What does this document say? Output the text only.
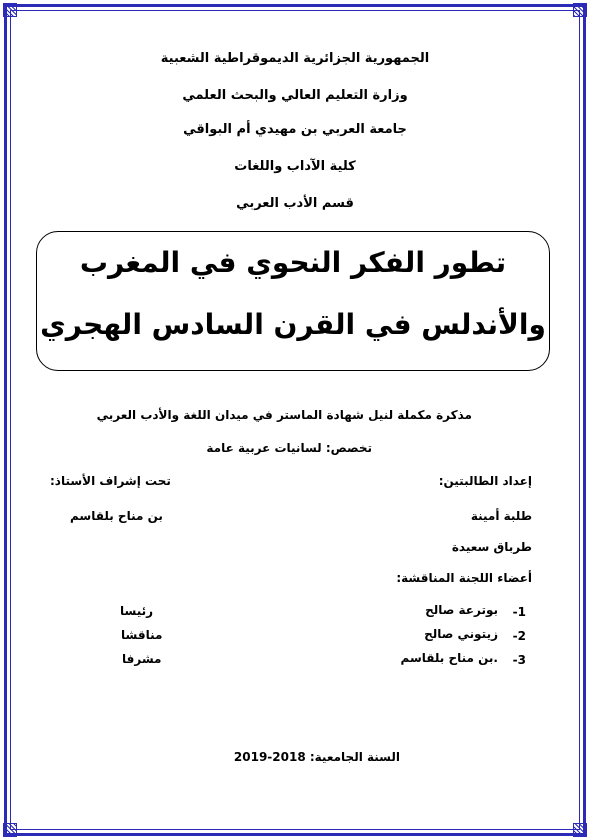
الجمهورية الجزائرية الديموقراطية الشعبية
وزارة التعليم العالي والبحث العلمي
جامعة العربي بن مهيدي أم البواقي
كلية الآداب واللغات
قسم الأدب العربي
تطور الفكر النحوي في المغرب
والأندلس في القرن السادس الهجري
مذكرة مكملة لنيل شهادة الماستر في ميدان اللغة والأدب العربي
تخصص: لسانيات عربية عامة
إعداد الطالبتين:
تحت إشراف الأستاذ:
طلبة أمينة
بن مناح بلقاسم
طرباق سعيدة
أعضاء اللجنة المناقشة:
1-
بوترعة صالح
رئيسا
2-
زيتوني صالح
مناقشا
3-
.بن مناح بلقاسم
مشرفا
السنة الجامعية: 2019-2018
